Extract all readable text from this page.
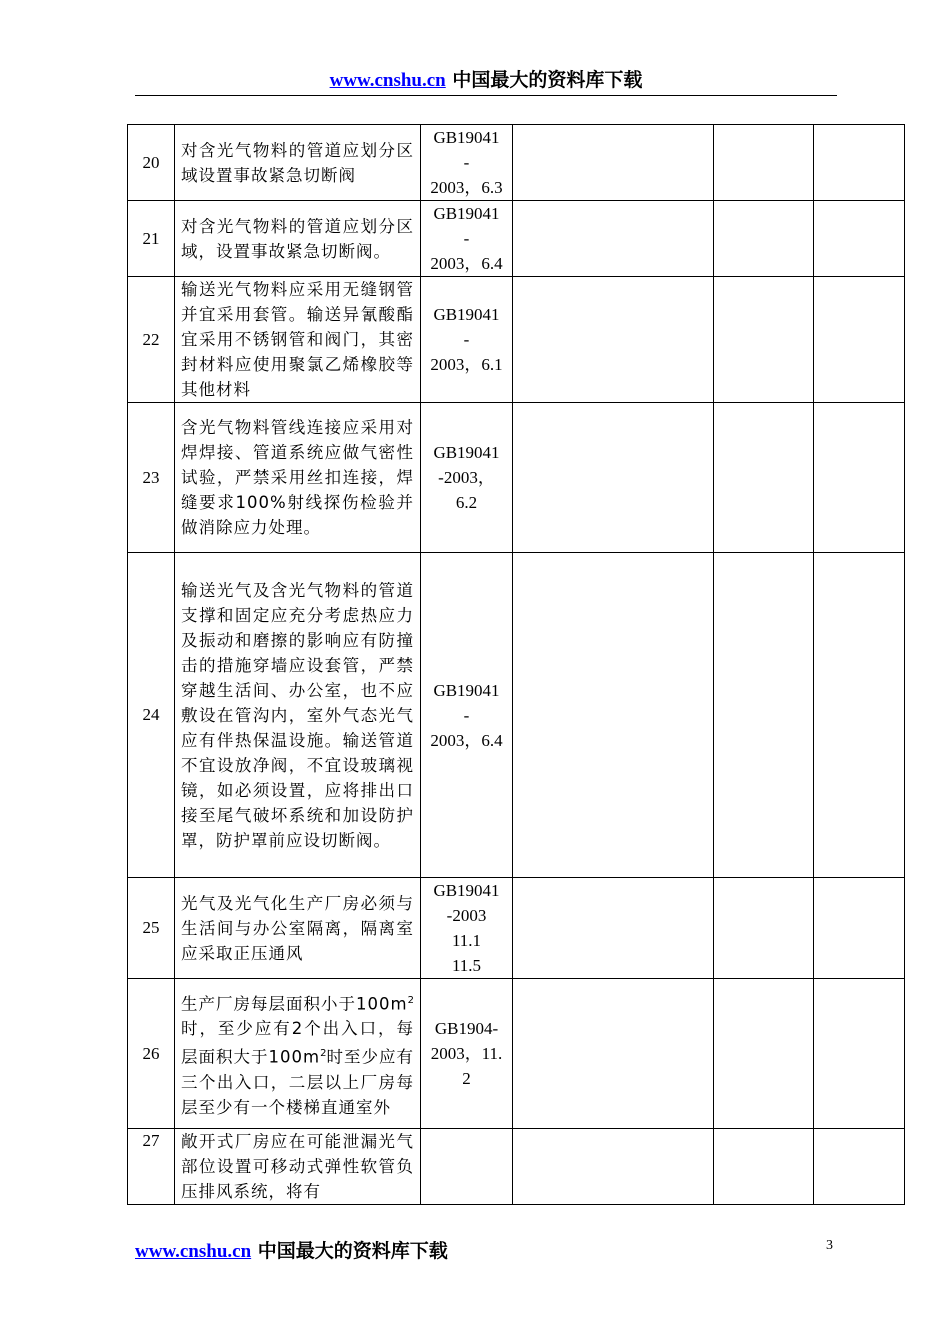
www.cnshu.cn 中国最大的资料库下载
20	对含光气物料的管道应划分区域设置事故紧急切断阀	GB19041
-
2003，6.3			
21	对含光气物料的管道应划分区域，设置事故紧急切断阀。	GB19041
-
2003，6.4			
22	输送光气物料应采用无缝钢管并宜采用套管。输送异氰酸酯宜采用不锈钢管和阀门，其密封材料应使用聚氯乙烯橡胶等其他材料	GB19041
-
2003，6.1			
23	含光气物料管线连接应采用对焊焊接、管道系统应做气密性试验，严禁采用丝扣连接，焊缝要求100%射线探伤检验并做消除应力处理。	GB19041
-2003，
6.2			
24	输送光气及含光气物料的管道支撑和固定应充分考虑热应力及振动和磨擦的影响应有防撞击的措施穿墙应设套管，严禁穿越生活间、办公室，也不应敷设在管沟内，室外气态光气应有伴热保温设施。输送管道不宜设放净阀，不宜设玻璃视镜，如必须设置，应将排出口接至尾气破坏系统和加设防护罩，防护罩前应设切断阀。	GB19041
-
2003，6.4			
25	光气及光气化生产厂房必须与生活间与办公室隔离，隔离室应采取正压通风	GB19041
-2003
11.1
11.5			
26	生产厂房每层面积小于$100m^2$时，至少应有2个出入口，每层面积大于$100m^2$时至少应有三个出入口，二层以上厂房每层至少有一个楼梯直通室外	GB1904-
2003，11.
2			
27	敞开式厂房应在可能泄漏光气部位设置可移动式弹性软管负压排风系统，将有				
www.cnshu.cn 中国最大的资料库下载	3
